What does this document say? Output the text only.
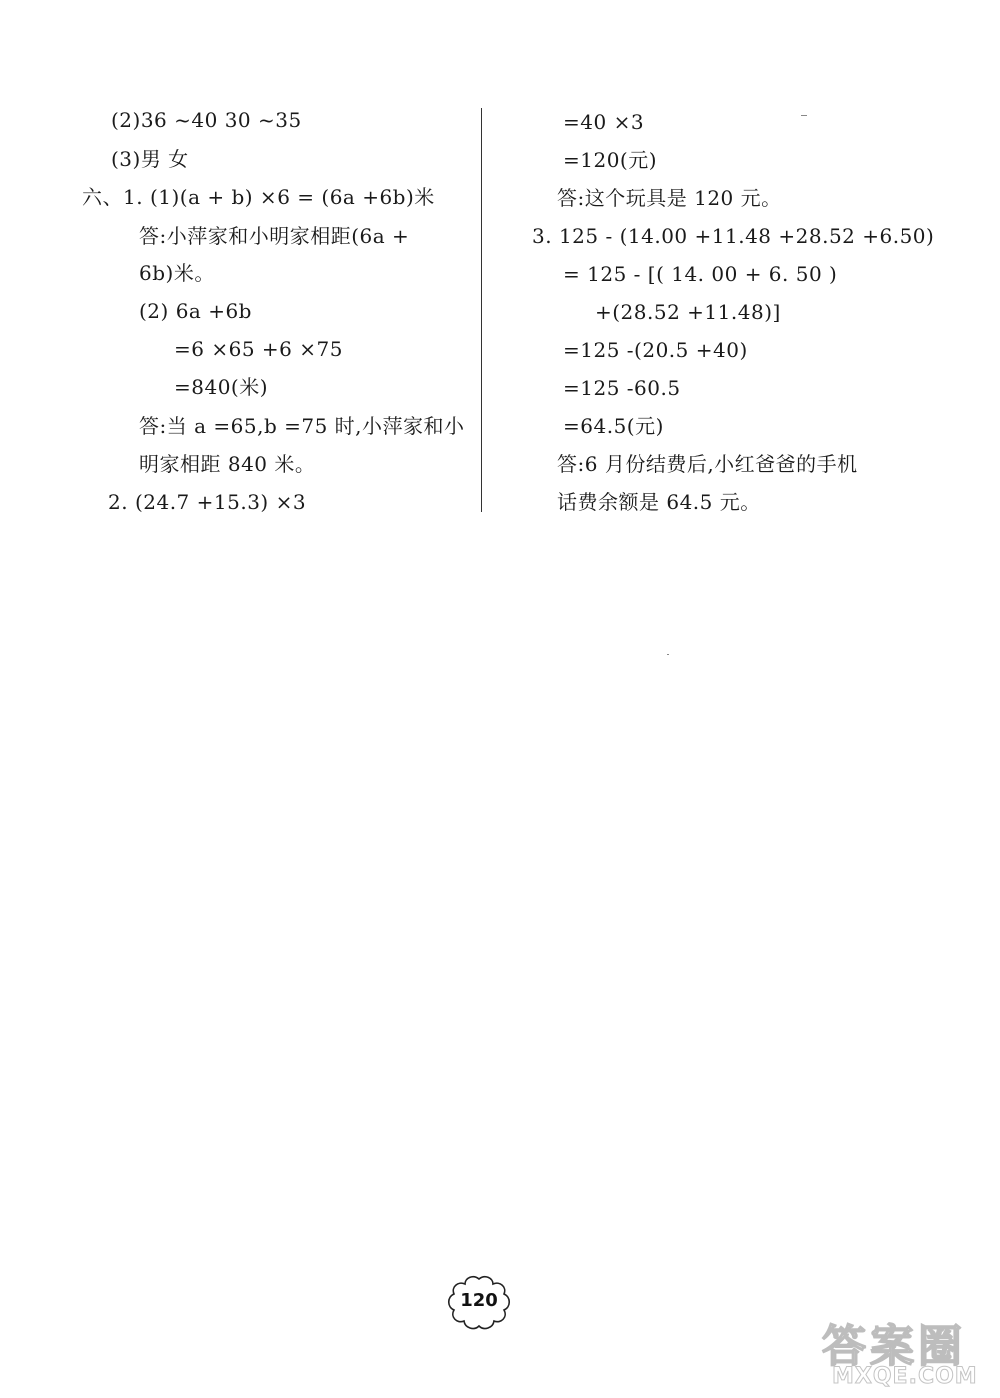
(2)36 ~40 30 ~35
(3)男 女
六、1. (1)(a + b) ×6 = (6a +6b)米
答:小萍家和小明家相距(6a +
6b)米。
(2) 6a +6b
=6 ×65 +6 ×75
=840(米)
答:当 a =65,b =75 时,小萍家和小
明家相距 840 米。
2. (24.7 +15.3) ×3
=40 ×3
=120(元)
答:这个玩具是 120 元。
3. 125 - (14.00 +11.48 +28.52 +6.50)
= 125 - [( 14. 00 + 6. 50 )
+(28.52 +11.48)]
=125 -(20.5 +40)
=125 -60.5
=64.5(元)
答:6 月份结费后,小红爸爸的手机
话费余额是 64.5 元。
120
答案圈
MXQE.COM
